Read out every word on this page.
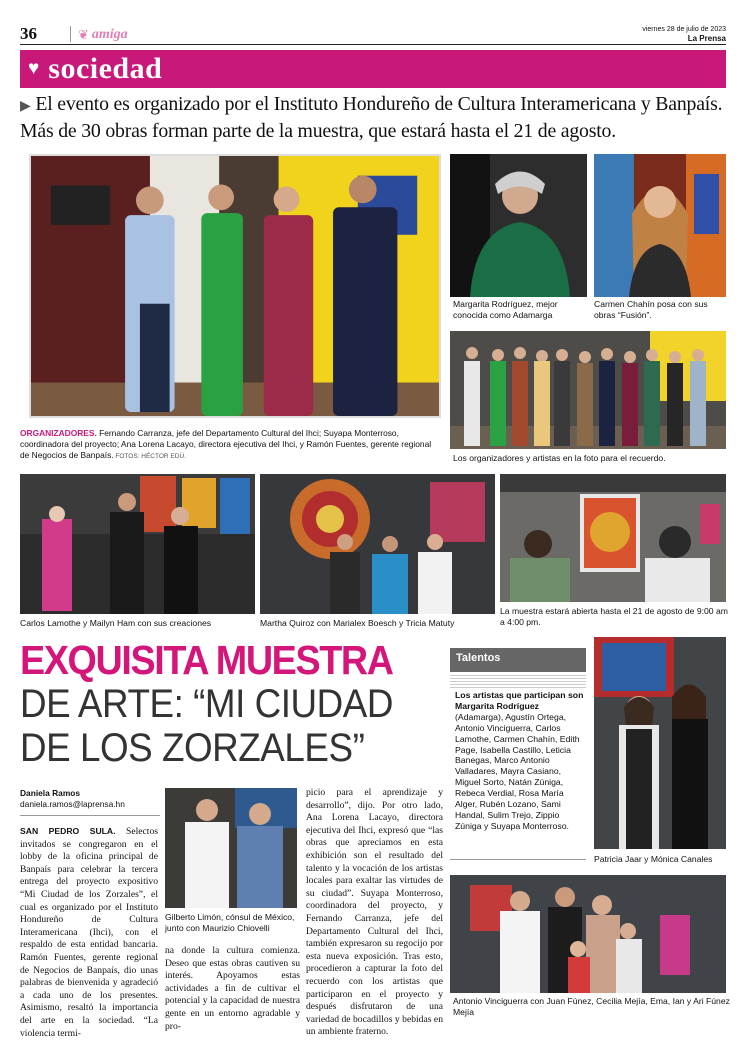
36	❦ amiga	viernes 28 de julio de 2023
La Prensa
♥ sociedad
▶ El evento es organizado por el Instituto Hondureño de Cultura Interamericana y Banpaís. Más de 30 obras forman parte de la muestra, que estará hasta el 21 de agosto.
ORGANIZADORES. Fernando Carranza, jefe del Departamento Cultural del Ihci; Suyapa Monterroso, coordinadora del proyecto; Ana Lorena Lacayo, directora ejecutiva del Ihci, y Ramón Fuentes, gerente regional de Negocios de Banpaís. FOTOS: HÉCTOR EDÚ.
Margarita Rodríguez, mejor conocida como Adamarga
Carmen Chahín posa con sus obras “Fusión”.
Los organizadores y artistas en la foto para el recuerdo.
Carlos Lamothe y Mailyn Ham con sus creaciones	Martha Quiroz con Marialex Boesch y Tricia Matuty
La muestra estará abierta hasta el 21 de agosto de 9:00 am a 4:00 pm.
EXQUISITA MUESTRA
DE ARTE: “MI CIUDAD
DE LOS ZORZALES”
Talentos
Los artistas que participan son Margarita Rodríguez (Adamarga), Agustín Ortega, Antonio Vinciguerra, Carlos Lamothe, Carmen Chahín, Edith Page, Isabella Castillo, Leticia Banegas, Marco Antonio Valladares, Mayra Casiano, Miguel Sorto, Natán Zúniga, Rebeca Verdial, Rosa María Alger, Rubén Lozano, Sami Handal, Sulim Trejo, Zippio Zúniga y Suyapa Monterroso.
Patricia Jaar y Mónica Canales
Daniela Ramos
daniela.ramos@laprensa.hn
SAN PEDRO SULA. Selectos invitados se congregaron en el lobby de la oficina principal de Banpaís para celebrar la tercera entrega del proyecto expositivo “Mi Ciudad de los Zorzales”, el cual es organizado por el Instituto Hondureño de Cultura Interamericana (Ihci), con el respaldo de esta entidad bancaria. Ramón Fuentes, gerente regional de Negocios de Banpaís, dio unas palabras de bienvenida y agradeció a cada uno de los presentes. Asimismo, resaltó la importancia del arte en la sociedad. “La violencia termi-
Gilberto Limón, cónsul de México, junto con Maurizio Chiovelli
na donde la cultura comienza. Deseo que estas obras cautiven su interés. Apoyamos estas actividades a fin de cultivar el potencial y la capacidad de nuestra gente en un entorno agradable y pro-
picio para el aprendizaje y desarrollo”, dijo. Por otro lado, Ana Lorena Lacayo, directora ejecutiva del Ihci, expresó que “las obras que apreciamos en esta exhibición son el resultado del talento y la vocación de los artistas locales para exaltar las virtudes de su ciudad”. Suyapa Monterroso, coordinadora del proyecto, y Fernando Carranza, jefe del Departamento Cultural del Ihci, también expresaron su regocijo por esta nueva exposición. Tras esto, procedieron a capturar la foto del recuerdo con los artistas que participaron en el proyecto y después disfrutaron de una variedad de bocadillos y bebidas en un ambiente fraterno.
Antonio Vinciguerra con Juan Fúnez, Cecilia Mejía, Ema, Ian y Ari Fúnez Mejía
